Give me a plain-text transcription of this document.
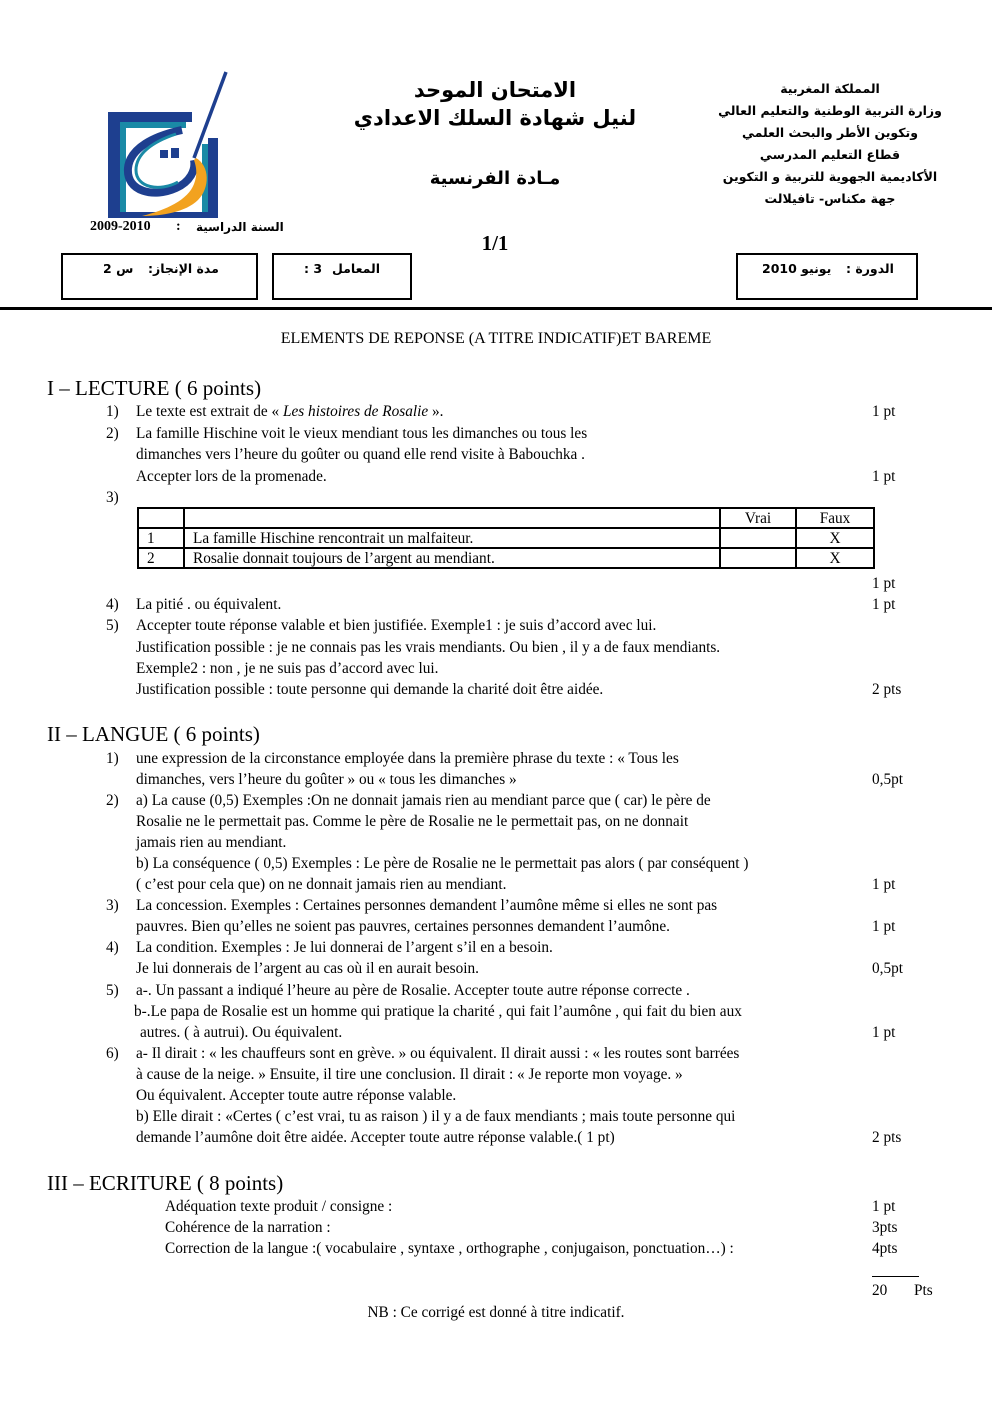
المملكة المغربية
وزارة التربية الوطنية والتعليم العالي
وتكوين الأطر والبحث العلمي
قطاع التعليم المدرسي
الأكاديمية الجهوية للتربية و التكوين
جهة مكناس- تافيلالت
الامتحان الموحد
لنيل شهادة السلك الاعدادي
مـادة الفرنسية
1/1
2009-2010 : السنة الدراسية
2 س مدة الإنجاز:	: 3 المعامل	يونيو 2010 الدورة :
ELEMENTS DE REPONSE (A TITRE INDICATIF)ET BAREME
I – LECTURE ( 6 points)
1) Le texte est extrait de « Les histoires de Rosalie ».	1 pt
2) La famille Hischine voit le vieux mendiant tous les dimanches ou tous les
dimanches vers l’heure du goûter ou quand elle rend visite à Babouchka .
Accepter lors de la promenade.	1 pt
3)
		Vrai	Faux
1	La famille Hischine rencontrait un malfaiteur.		X
2	Rosalie donnait toujours de l’argent au mendiant.		X
1 pt
4) La pitié . ou équivalent.	1 pt
5) Accepter toute réponse valable et bien justifiée. Exemple1 : je suis d’accord avec lui.
Justification possible : je ne connais pas les vrais mendiants. Ou bien , il y a de faux mendiants.
Exemple2 : non , je ne suis pas d’accord avec lui.
Justification possible : toute personne qui demande la charité doit être aidée.	2 pts
II – LANGUE ( 6 points)
1) une expression de la circonstance employée dans la première phrase du texte : « Tous les
dimanches, vers l’heure du goûter » ou « tous les dimanches »	0,5pt
2) a) La cause (0,5) Exemples :On ne donnait jamais rien au mendiant parce que ( car) le père de
Rosalie ne le permettait pas. Comme le père de Rosalie ne le permettait pas, on ne donnait
jamais rien au mendiant.
b) La conséquence ( 0,5) Exemples : Le père de Rosalie ne le permettait pas alors ( par conséquent )
( c’est pour cela que) on ne donnait jamais rien au mendiant.	1 pt
3) La concession. Exemples : Certaines personnes demandent l’aumône même si elles ne sont pas
pauvres. Bien qu’elles ne soient pas pauvres, certaines personnes demandent l’aumône.	1 pt
4) La condition. Exemples : Je lui donnerai de l’argent s’il en a besoin.
Je lui donnerais de l’argent au cas où il en aurait besoin.	0,5pt
5) a-. Un passant a indiqué l’heure au père de Rosalie. Accepter toute autre réponse correcte .
b-.Le papa de Rosalie est un homme qui pratique la charité , qui fait l’aumône , qui fait du bien aux
autres. ( à autrui). Ou équivalent.	1 pt
6) a- Il dirait : « les chauffeurs sont en grève. » ou équivalent. Il dirait aussi : « les routes sont barrées
à cause de la neige. » Ensuite, il tire une conclusion. Il dirait : « Je reporte mon voyage. »
Ou équivalent. Accepter toute autre réponse valable.
b) Elle dirait : «Certes ( c’est vrai, tu as raison ) il y a de faux mendiants ; mais toute personne qui
demande l’aumône doit être aidée. Accepter toute autre réponse valable.( 1 pt)	2 pts
III – ECRITURE ( 8 points)
Adéquation texte produit / consigne :	1 pt
Cohérence de la narration :	3pts
Correction de la langue :( vocabulaire , syntaxe , orthographe , conjugaison, ponctuation…) :	4pts
20 Pts
NB : Ce corrigé est donné à titre indicatif.
